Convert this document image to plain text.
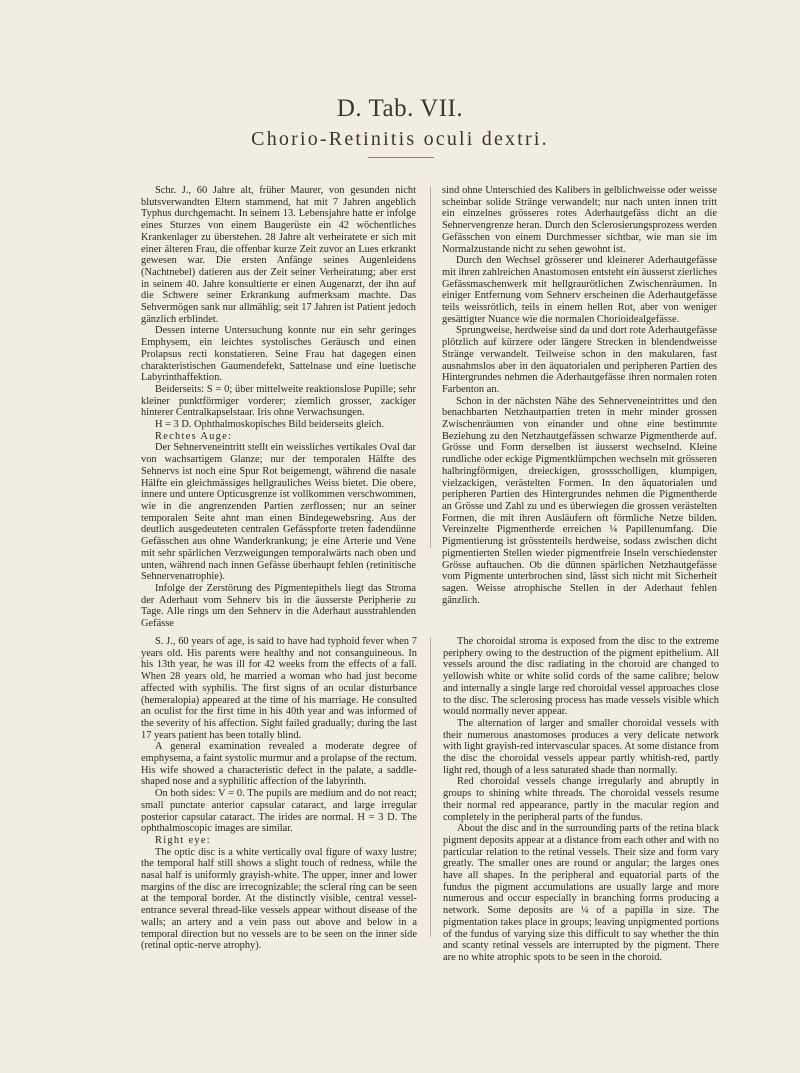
D. Tab. VII.
Chorio-Retinitis oculi dextri.

Schr. J., 60 Jahre alt, früher Maurer, von gesunden nicht blutsverwandten Eltern stammend, hat mit 7 Jahren angeblich Typhus durchgemacht. In seinem 13. Lebensjahre hatte er infolge eines Sturzes von einem Baugerüste ein 42 wöchentliches Krankenlager zu überstehen. 28 Jahre alt verheiratete er sich mit einer älteren Frau, die offenbar kurze Zeit zuvor an Lues erkrankt gewesen war. Die ersten Anfänge seines Augenleidens (Nachtnebel) datieren aus der Zeit seiner Verheiratung; aber erst in seinem 40. Jahre konsultierte er einen Augenarzt, der ihn auf die Schwere seiner Erkrankung aufmerksam machte. Das Sehvermögen sank nur allmählig; seit 17 Jahren ist Patient jedoch gänzlich erblindet.

Dessen interne Untersuchung konnte nur ein sehr geringes Emphysem, ein leichtes systolisches Geräusch und einen Prolapsus recti konstatieren. Seine Frau hat dagegen einen charakteristischen Gaumendefekt, Sattelnase und eine luetische Labyrinthaffektion.

Beiderseits: S = 0; über mittelweite reaktionslose Pupille; sehr kleiner punktförmiger vorderer; ziemlich grosser, zackiger hinterer Centralkapselstaar. Iris ohne Verwachsungen.

H = 3 D. Ophthalmoskopisches Bild beiderseits gleich.

Rechtes Auge:

Der Sehnerveneintritt stellt ein weissliches vertikales Oval dar von wachsartigem Glanze; nur der temporalen Hälfte des Sehnervs ist noch eine Spur Rot beigemengt, während die nasale Hälfte ein gleichmässiges hellgrauliches Weiss bietet. Die obere, innere und untere Opticusgrenze ist vollkommen verschwommen, wie in die angrenzenden Partien zerflossen; nur an seiner temporalen Seite ahnt man einen Bindegewebsring. Aus der deutlich ausgedeuteten centralen Gefässpforte treten fadendünne Gefässchen aus ohne Wanderkrankung; je eine Arterie und Vene mit sehr spärlichen Verzweigungen temporalwärts nach oben und unten, während nach innen Gefässe überhaupt fehlen (retinitische Sehnervenatrophie).

Infolge der Zerstörung des Pigmentepithels liegt das Stroma der Aderhaut vom Sehnerv bis in die äusserste Peripherie zu Tage. Alle rings um den Sehnerv in die Aderhaut ausstrahlenden Gefässe

sind ohne Unterschied des Kalibers in gelblichweisse oder weisse scheinbar solide Stränge verwandelt; nur nach unten innen tritt ein einzelnes grösseres rotes Aderhautgefäss dicht an die Sehnervengrenze heran. Durch den Sclerosierungsprozess werden Gefässchen von einem Durchmesser sichtbar, wie man sie im Normalzustande nicht zu sehen gewohnt ist.

Durch den Wechsel grösserer und kleinerer Aderhautgefässe mit ihren zahlreichen Anastomosen entsteht ein äusserst zierliches Gefässmaschenwerk mit hellgraurötlichen Zwischenräumen. In einiger Entfernung vom Sehnerv erscheinen die Aderhautgefässe teils weissrötlich, teils in einem hellen Rot, aber von weniger gesättigter Nuance wie die normalen Chorioidealgefässe.

Sprungweise, herdweise sind da und dort rote Aderhautgefässe plötzlich auf kürzere oder längere Strecken in blendendweisse Stränge verwandelt. Teilweise schon in den makularen, fast ausnahmslos aber in den äquatorialen und peripheren Partien des Hintergrundes nehmen die Aderhautgefässe ihren normalen roten Farbenton an.

Schon in der nächsten Nähe des Sehnerveneintrittes und den benachbarten Netzhautpartien treten in mehr minder grossen Zwischenräumen von einander und ohne eine bestimmte Beziehung zu den Netzhautgefässen schwarze Pigmentherde auf. Grösse und Form derselben ist äusserst wechselnd. Kleine rundliche oder eckige Pigmentklümpchen wechseln mit grösseren halbringförmigen, dreieckigen, grossschollígen, klumpigen, vielzackigen, verästelten Formen. In den äquatorialen und peripheren Partien des Hintergrundes nehmen die Pigmentherde an Grösse und Zahl zu und es überwiegen die grossen verästelten Formen, die mit ihren Ausläufern oft förmliche Netze bilden. Vereinzelte Pigmentherde erreichen ¼ Papillenumfang. Die Pigmentierung ist grösstenteils herdweise, sodass zwischen dicht pigmentierten Stellen wieder pigmentfreie Inseln verschiedenster Grösse auftauchen. Ob die dünnen spärlichen Netzhautgefässe vom Pigmente unterbrochen sind, lässt sich nicht mit Sicherheit sagen. Weisse atrophische Stellen in der Aderhaut fehlen gänzlich.

S. J., 60 years of age, is said to have had typhoid fever when 7 years old. His parents were healthy and not consanguineous. In his 13th year, he was ill for 42 weeks from the effects of a fall. When 28 years old, he married a woman who had just become affected with syphilis. The first signs of an ocular disturbance (hemeralopia) appeared at the time of his marriage. He consulted an oculist for the first time in his 40th year and was informed of the severity of his affection. Sight failed gradually; during the last 17 years patient has been totally blind.

A general examination revealed a moderate degree of emphysema, a faint systolic murmur and a prolapse of the rectum. His wife showed a characteristic defect in the palate, a saddle-shaped nose and a syphilitic affection of the labyrinth.

On both sides: V = 0. The pupils are medium and do not react; small punctate anterior capsular cataract, and large irregular posterior capsular cataract. The irides are normal. H = 3 D. The ophthalmoscopic images are similar.

Right eye:

The optic disc is a white vertically oval figure of waxy lustre; the temporal half still shows a slight touch of redness, while the nasal half is uniformly grayish-white. The upper, inner and lower margins of the disc are irrecognizable; the scleral ring can be seen at the temporal border. At the distinctly visible, central vessel-entrance several thread-like vessels appear without disease of the walls; an artery and a vein pass out above and below in a temporal direction but no vessels are to be seen on the inner side (retinal optic-nerve atrophy).

The choroidal stroma is exposed from the disc to the extreme periphery owing to the destruction of the pigment epithelium. All vessels around the disc radiating in the choroid are changed to yellowish white or white solid cords of the same calibre; below and internally a single large red choroidal vessel approaches close to the disc. The sclerosing process has made vessels visible which would normally never appear.

The alternation of larger and smaller choroidal vessels with their numerous anastomoses produces a very delicate network with light grayish-red intervascular spaces. At some distance from the disc the choroidal vessels appear partly whitish-red, partly light red, though of a less saturated shade than normally.

Red choroidal vessels change irregularly and abruptly in groups to shining white threads. The choroidal vessels resume their normal red appearance, partly in the macular region and completely in the peripheral parts of the fundus.

About the disc and in the surrounding parts of the retina black pigment deposits appear at a distance from each other and with no particular relation to the retinal vessels. Their size and form vary greatly. The smaller ones are round or angular; the larges ones have all shapes. In the peripheral and equatorial parts of the fundus the pigment accumulations are usually large and more numerous and occur especially in branching forms producing a network. Some deposits are ¼ of a papilla in size. The pigmentation takes place in groups; leaving unpigmented portions of the fundus of varying size this difficult to say whether the thin and scanty retinal vessels are interrupted by the pigment. There are no white atrophic spots to be seen in the choroid.
